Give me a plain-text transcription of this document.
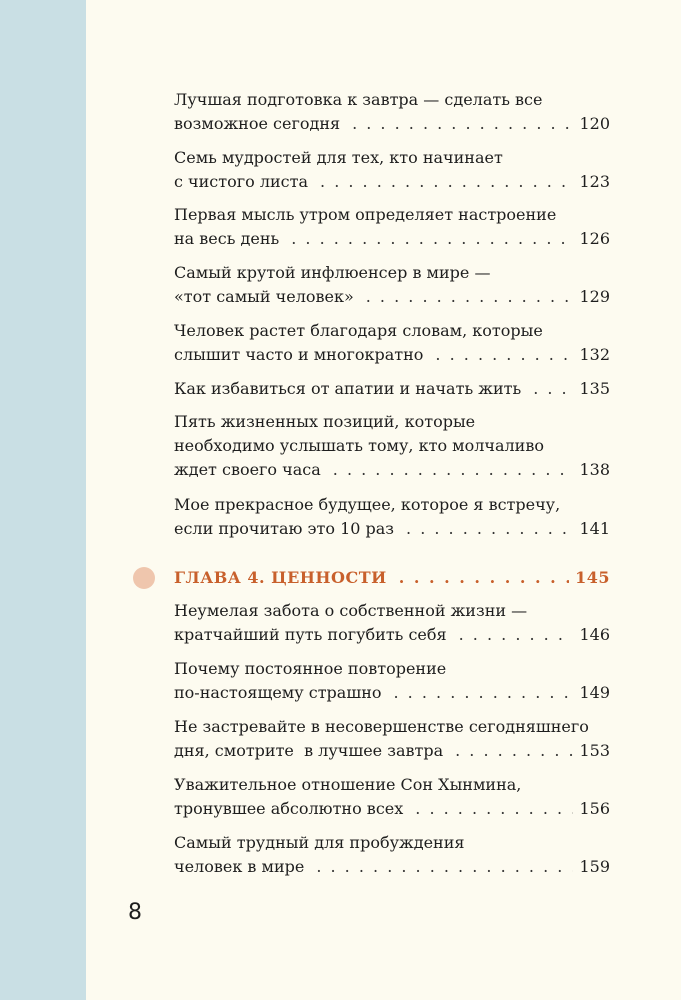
Лучшая подготовка к завтра — сделать все
возможное сегодня . . .	120
Семь мудростей для тех, кто начинает
с чистого листа . . .	123
Первая мысль утром определяет настроение
на весь день . . .	126
Самый крутой инфлюенсер в мире —
«тот самый человек» . . .	129
Человек растет благодаря словам, которые
слышит часто и многократно . . .	132
Как избавиться от апатии и начать жить . . .	135
Пять жизненных позиций, которые
необходимо услышать тому, кто молчаливо
ждет своего часа . . .	138
Мое прекрасное будущее, которое я встречу,
если прочитаю это 10 раз . . .	141
ГЛАВА 4. ЦЕННОСТИ . . .	145
Неумелая забота о собственной жизни —
кратчайший путь погубить себя . . .	146
Почему постоянное повторение
по-настоящему страшно . . .	149
Не застревайте в несовершенстве сегодняшнего
дня, смотрите  в лучшее завтра . . .	153
Уважительное отношение Сон Хынмина,
тронувшее абсолютно всех . . .	156
Самый трудный для пробуждения
человек в мире . . .	159
8
